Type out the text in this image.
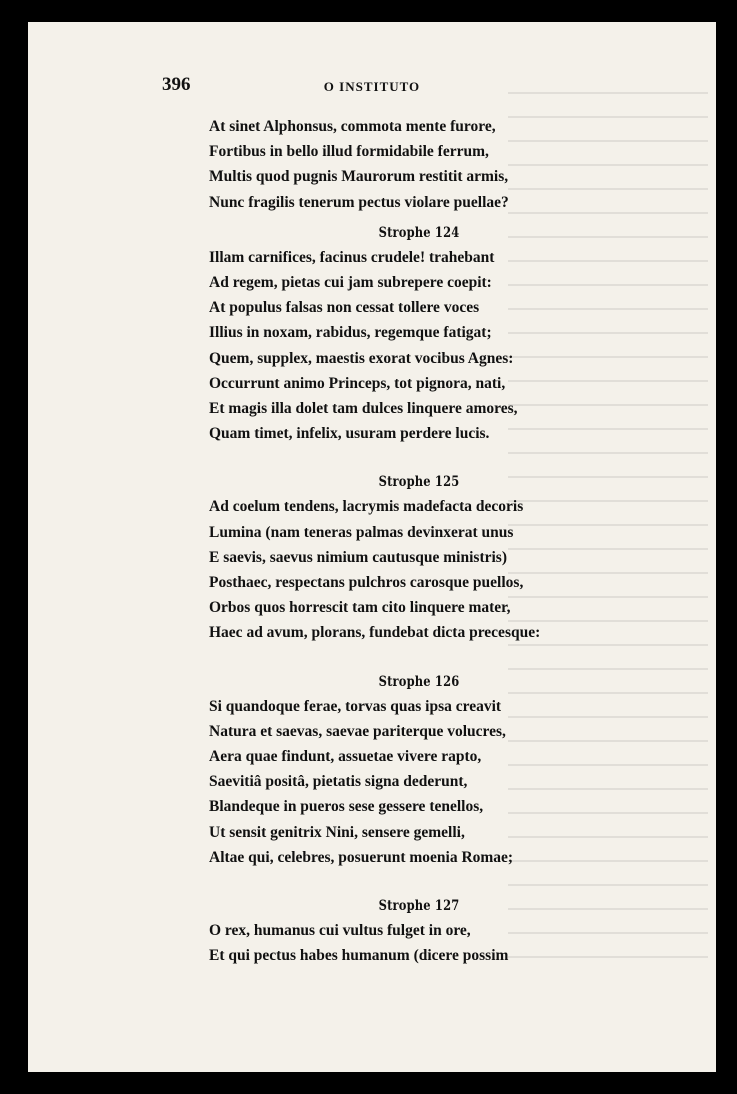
396	O INSTITUTO
At sinet Alphonsus, commota mente furore,
Fortibus in bello illud formidabile ferrum,
Multis quod pugnis Maurorum restitit armis,
Nunc fragilis tenerum pectus violare puellae?
Strophe 124
Illam carnifices, facinus crudele! trahebant
Ad regem, pietas cui jam subrepere coepit:
At populus falsas non cessat tollere voces
Illius in noxam, rabidus, regemque fatigat;
Quem, supplex, maestis exorat vocibus Agnes:
Occurrunt animo Princeps, tot pignora, nati,
Et magis illa dolet tam dulces linquere amores,
Quam timet, infelix, usuram perdere lucis.
Strophe 125
Ad coelum tendens, lacrymis madefacta decoris
Lumina (nam teneras palmas devinxerat unus
E saevis, saevus nimium cautusque ministris)
Posthaec, respectans pulchros carosque puellos,
Orbos quos horrescit tam cito linquere mater,
Haec ad avum, plorans, fundebat dicta precesque:
Strophe 126
Si quandoque ferae, torvas quas ipsa creavit
Natura et saevas, saevae pariterque volucres,
Aera quae findunt, assuetae vivere rapto,
Saevitiâ positâ, pietatis signa dederunt,
Blandeque in pueros sese gessere tenellos,
Ut sensit genitrix Nini, sensere gemelli,
Altae qui, celebres, posuerunt moenia Romae;
Strophe 127
O rex, humanus cui vultus fulget in ore,
Et qui pectus habes humanum (dicere possim
